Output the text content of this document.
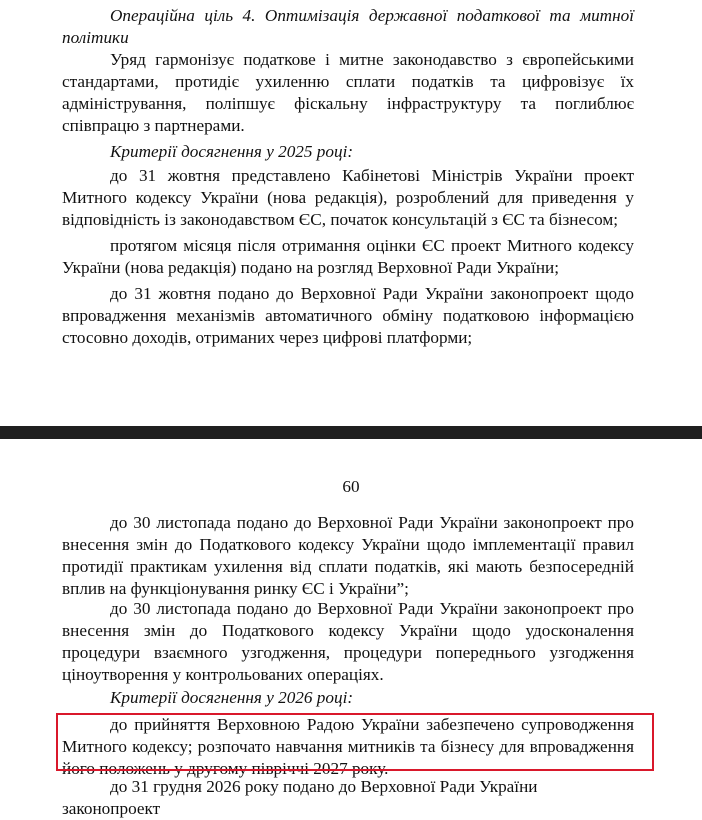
Операційна ціль 4. Оптимізація державної податкової та митної політики

Уряд гармонізує податкове і митне законодавство з європейськими стандартами, протидіє ухиленню сплати податків та цифровізує їх адміністрування, поліпшує фіскальну інфраструктуру та поглиблює співпрацю з партнерами.

Критерії досягнення у 2025 році:

до 31 жовтня представлено Кабінетові Міністрів України проект Митного кодексу України (нова редакція), розроблений для приведення у відповідність із законодавством ЄС, початок консультацій з ЄС та бізнесом;

протягом місяця після отримання оцінки ЄС проект Митного кодексу України (нова редакція) подано на розгляд Верховної Ради України;

до 31 жовтня подано до Верховної Ради України законопроект щодо впровадження механізмів автоматичного обміну податковою інформацією стосовно доходів, отриманих через цифрові платформи;

60

до 30 листопада подано до Верховної Ради України законопроект про внесення змін до Податкового кодексу України щодо імплементації правил протидії практикам ухилення від сплати податків, які мають безпосередній вплив на функціонування ринку ЄС і України”;

до 30 листопада подано до Верховної Ради України законопроект про внесення змін до Податкового кодексу України щодо удосконалення процедури взаємного узгодження, процедури попереднього узгодження ціноутворення у контрольованих операціях.

Критерії досягнення у 2026 році:

до прийняття Верховною Радою України забезпечено супроводження Митного кодексу; розпочато навчання митників та бізнесу для впровадження його положень у другому півріччі 2027 року.

до 31 грудня 2026 року подано до Верховної Ради України законопроект
